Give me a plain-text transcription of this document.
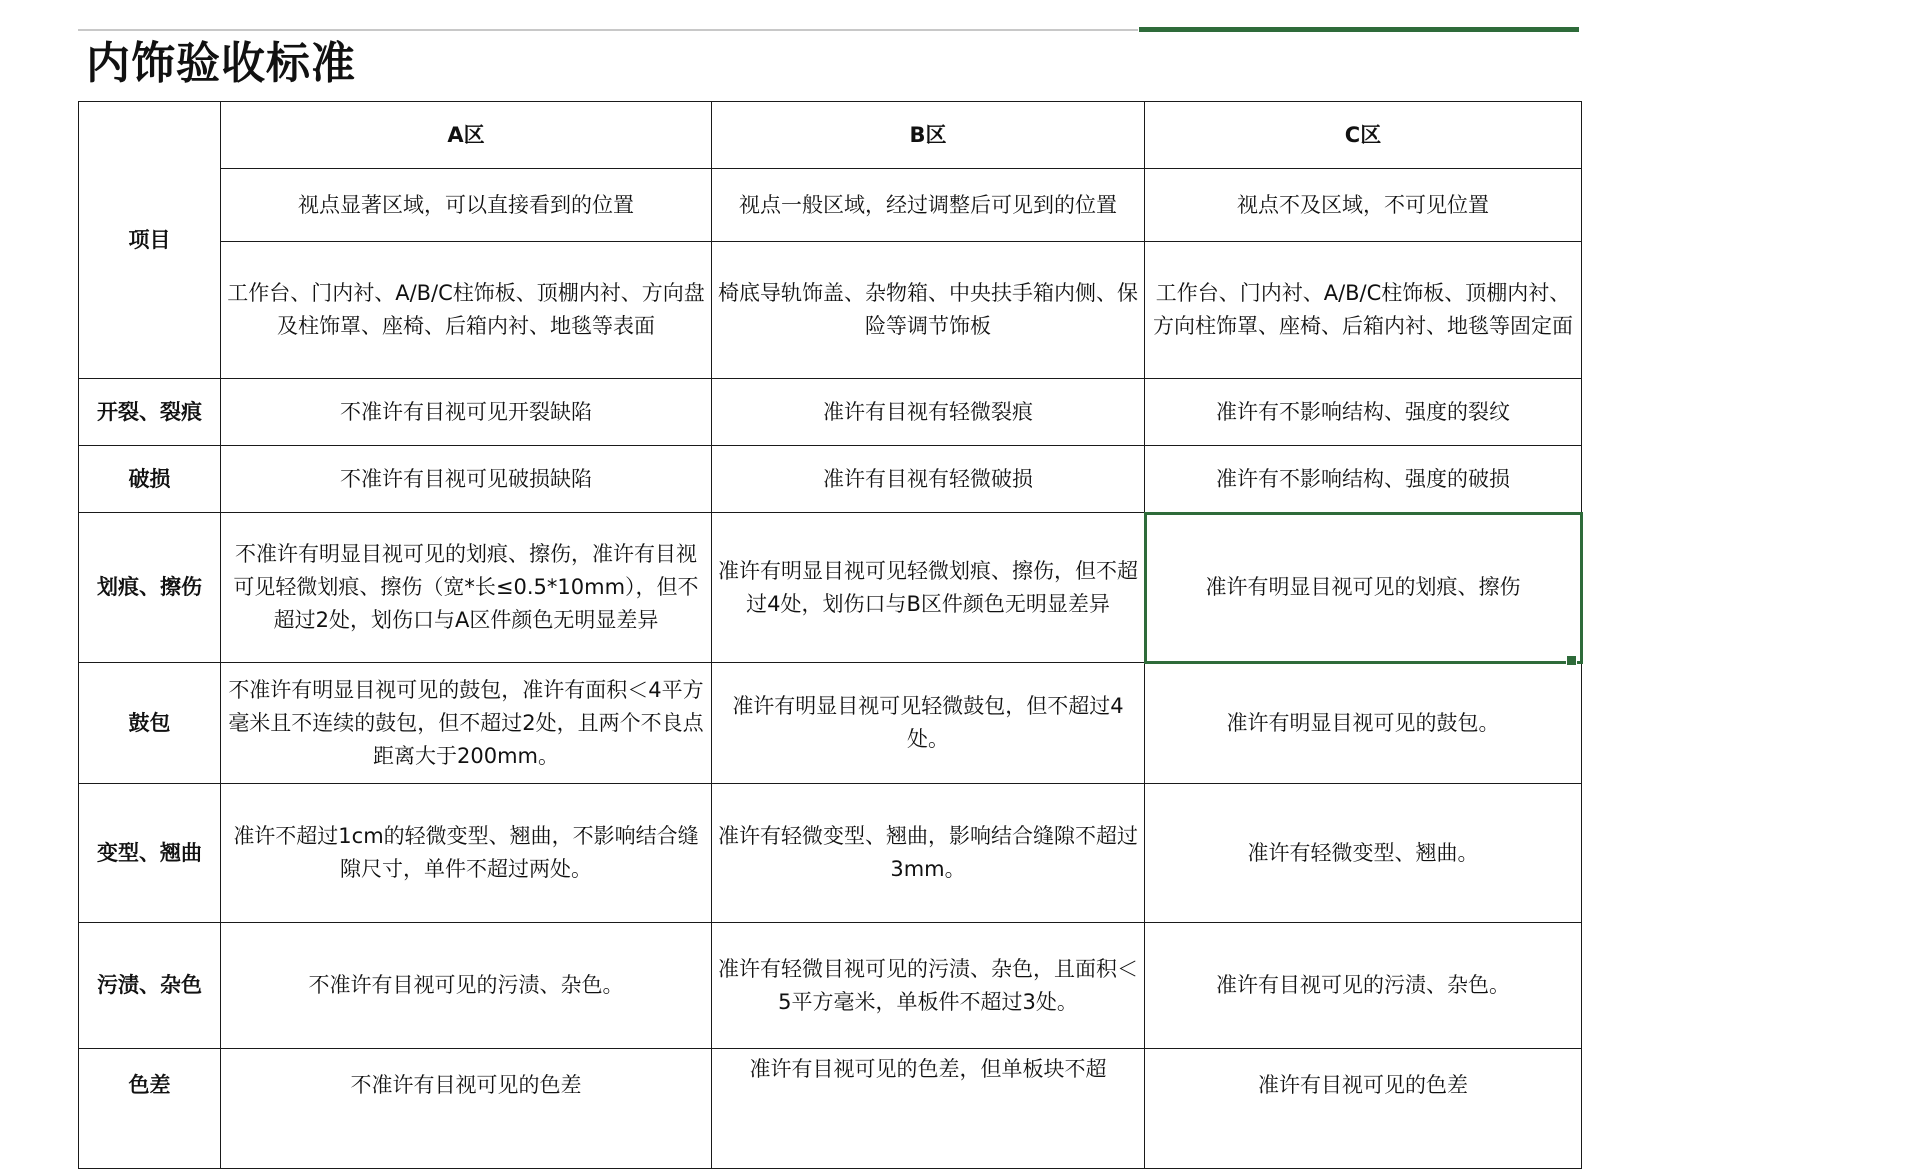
内饰验收标准
项目	A区	B区	C区
	视点显著区域，可以直接看到的位置	视点一般区域，经过调整后可见到的位置	视点不及区域，不可见位置
	工作台、门内衬、A/B/C柱饰板、顶棚内衬、方向盘及柱饰罩、座椅、后箱内衬、地毯等表面	椅底导轨饰盖、杂物箱、中央扶手箱内侧、保险等调节饰板	工作台、门内衬、A/B/C柱饰板、顶棚内衬、方向柱饰罩、座椅、后箱内衬、地毯等固定面
开裂、裂痕	不准许有目视可见开裂缺陷	准许有目视有轻微裂痕	准许有不影响结构、强度的裂纹
破损	不准许有目视可见破损缺陷	准许有目视有轻微破损	准许有不影响结构、强度的破损
划痕、擦伤	不准许有明显目视可见的划痕、擦伤，准许有目视可见轻微划痕、擦伤（宽*长≤0.5*10mm），但不超过2处，划伤口与A区件颜色无明显差异	准许有明显目视可见轻微划痕、擦伤，但不超过4处，划伤口与B区件颜色无明显差异	准许有明显目视可见的划痕、擦伤
鼓包	不准许有明显目视可见的鼓包，准许有面积＜4平方毫米且不连续的鼓包，但不超过2处，且两个不良点距离大于200mm。	准许有明显目视可见轻微鼓包，但不超过4处。	准许有明显目视可见的鼓包。
变型、翘曲	准许不超过1cm的轻微变型、翘曲，不影响结合缝隙尺寸，单件不超过两处。	准许有轻微变型、翘曲，影响结合缝隙不超过3mm。	准许有轻微变型、翘曲。
污渍、杂色	不准许有目视可见的污渍、杂色。	准许有轻微目视可见的污渍、杂色，且面积＜5平方毫米，单板件不超过3处。	准许有目视可见的污渍、杂色。
色差	不准许有目视可见的色差	准许有目视可见的色差，但单板块不超	准许有目视可见的色差
